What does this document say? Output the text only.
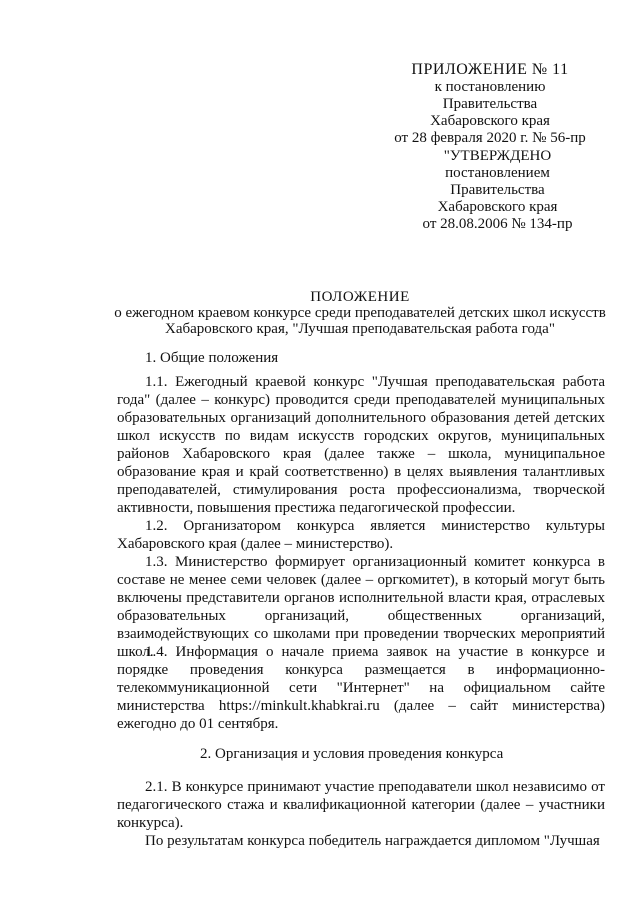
ПРИЛОЖЕНИЕ № 11
к постановлению
Правительства
Хабаровского края
от 28 февраля 2020 г. № 56-пр
"УТВЕРЖДЕНО
постановлением
Правительства
Хабаровского края
от 28.08.2006 № 134-пр
ПОЛОЖЕНИЕ
о ежегодном краевом конкурсе среди преподавателей детских школ искусств
Хабаровского края, "Лучшая преподавательская работа года"

1. Общие положения

1.1. Ежегодный краевой конкурс "Лучшая преподавательская работа года" (далее – конкурс) проводится среди преподавателей муниципальных образовательных организаций дополнительного образования детей детских школ искусств по видам искусств городских округов, муниципальных районов Хабаровского края (далее также – школа, муниципальное образование края и край соответственно) в целях выявления талантливых преподавателей, стимулирования роста профессионализма, творческой активности, повышения престижа педагогической профессии.

1.2. Организатором конкурса является министерство культуры Хабаровского края (далее – министерство).

1.3. Министерство формирует организационный комитет конкурса в составе не менее семи человек (далее – оргкомитет), в который могут быть включены представители органов исполнительной власти края, отраслевых образовательных организаций, общественных организаций, взаимодействующих со школами при проведении творческих мероприятий школ.

1.4. Информация о начале приема заявок на участие в конкурсе и порядке проведения конкурса размещается в информационно-телекоммуникационной сети "Интернет" на официальном сайте министерства https://minkult.khabkrai.ru (далее – сайт министерства) ежегодно до 01 сентября.

2. Организация и условия проведения конкурса

2.1. В конкурсе принимают участие преподаватели школ независимо от педагогического стажа и квалификационной категории (далее – участники конкурса).

По результатам конкурса победитель награждается дипломом "Лучшая
